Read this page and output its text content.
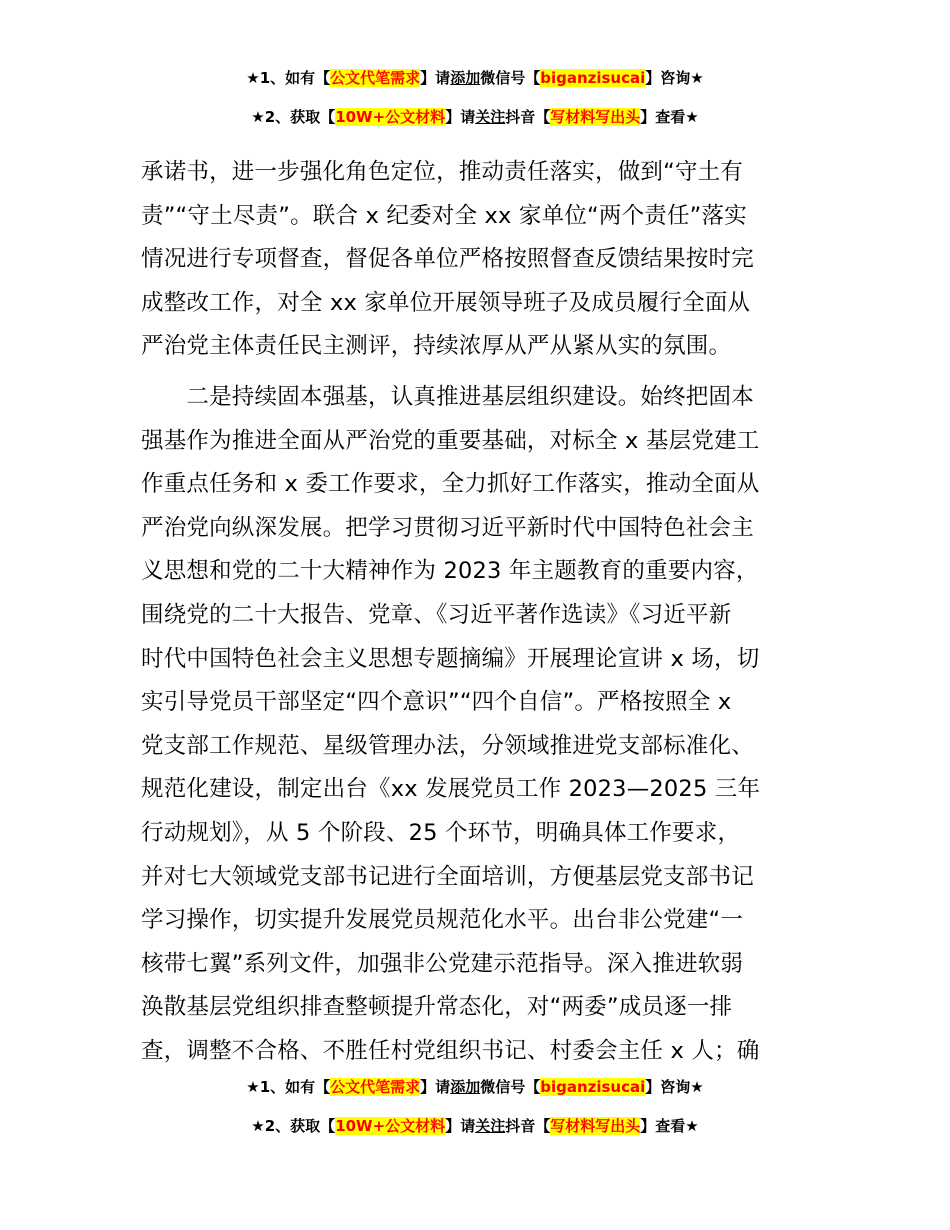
★1、如有【公文代笔需求】请添加微信号【biganzisucai】咨询★
★2、获取【10W+公文材料】请关注抖音【写材料写出头】查看★
承诺书，进一步强化角色定位，推动责任落实，做到“守土有
责”“守土尽责”。联合 x 纪委对全 xx 家单位“两个责任”落实
情况进行专项督查，督促各单位严格按照督查反馈结果按时完
成整改工作，对全 xx 家单位开展领导班子及成员履行全面从
严治党主体责任民主测评，持续浓厚从严从紧从实的氛围。
　　二是持续固本强基，认真推进基层组织建设。始终把固本
强基作为推进全面从严治党的重要基础，对标全 x 基层党建工
作重点任务和 x 委工作要求，全力抓好工作落实，推动全面从
严治党向纵深发展。把学习贯彻习近平新时代中国特色社会主
义思想和党的二十大精神作为 2023 年主题教育的重要内容，
围绕党的二十大报告、党章、《习近平著作选读》《习近平新
时代中国特色社会主义思想专题摘编》开展理论宣讲 x 场，切
实引导党员干部坚定“四个意识”“四个自信”。严格按照全 x
党支部工作规范、星级管理办法，分领域推进党支部标准化、
规范化建设，制定出台《xx 发展党员工作 2023—2025 三年
行动规划》，从 5 个阶段、25 个环节，明确具体工作要求，
并对七大领域党支部书记进行全面培训，方便基层党支部书记
学习操作，切实提升发展党员规范化水平。出台非公党建“一
核带七翼”系列文件，加强非公党建示范指导。深入推进软弱
涣散基层党组织排查整顿提升常态化，对“两委”成员逐一排
查，调整不合格、不胜任村党组织书记、村委会主任 x 人；确
★1、如有【公文代笔需求】请添加微信号【biganzisucai】咨询★
★2、获取【10W+公文材料】请关注抖音【写材料写出头】查看★
